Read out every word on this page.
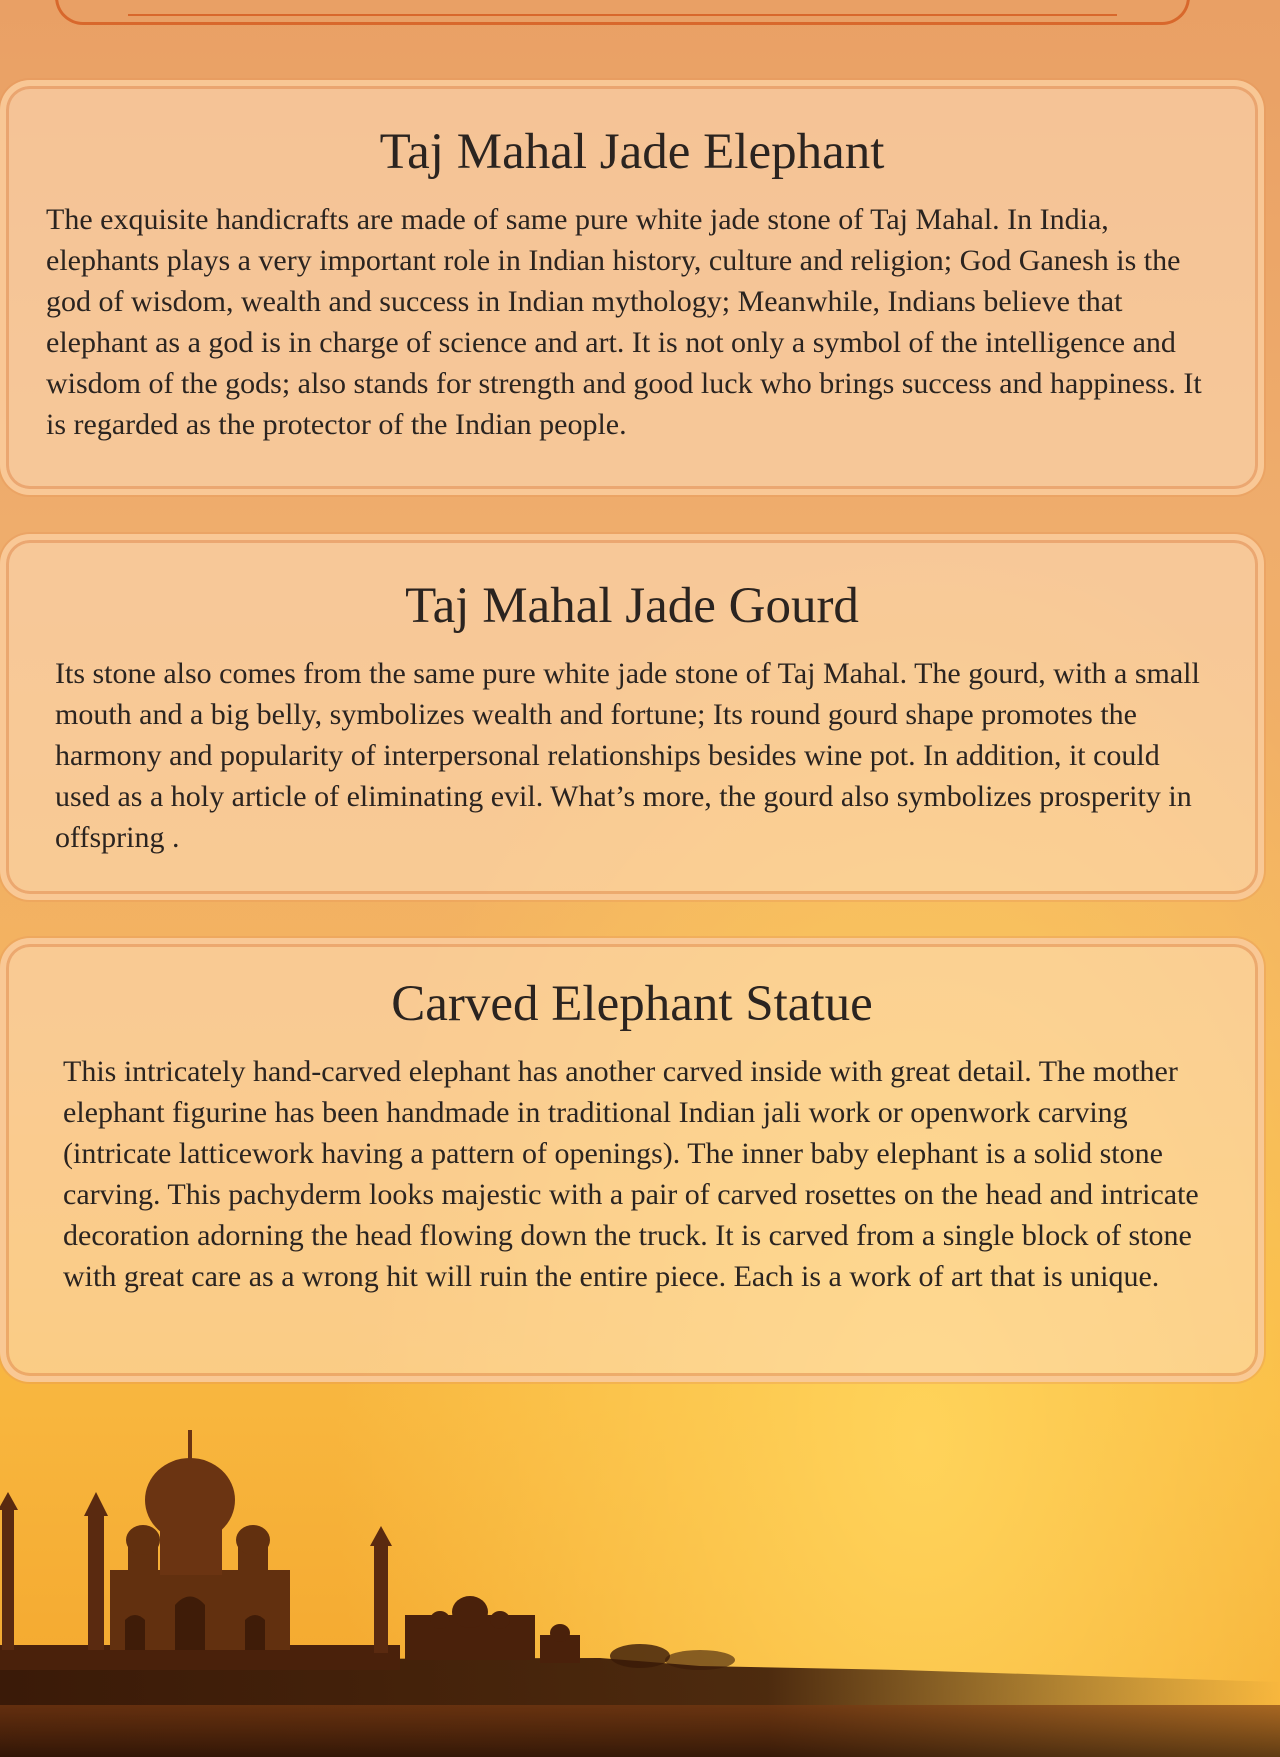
Taj Mahal Jade Elephant

The exquisite handicrafts are made of same pure white jade stone of Taj Mahal. In India, elephants plays a very important role in Indian history, culture and religion; God Ganesh is the god of wisdom, wealth and success in Indian mythology; Meanwhile, Indians believe that elephant as a god is in charge of science and art. It is not only a symbol of the intelligence and wisdom of the gods; also stands for strength and good luck who brings success and happiness. It is regarded as the protector of the Indian people.

Taj Mahal Jade Gourd

Its stone also comes from the same pure white jade stone of Taj Mahal. The gourd, with a small mouth and a big belly, symbolizes wealth and fortune; Its round gourd shape promotes the harmony and popularity of interpersonal relationships besides wine pot. In addition, it could used as a holy article of eliminating evil. What’s more, the gourd also symbolizes prosperity in offspring .

Carved Elephant Statue

This intricately hand-carved elephant has another carved inside with great detail. The mother elephant figurine has been handmade in traditional Indian jali work or openwork carving (intricate latticework having a pattern of openings). The inner baby elephant is a solid stone carving. This pachyderm looks majestic with a pair of carved rosettes on the head and intricate decoration adorning the head flowing down the truck. It is carved from a single block of stone with great care as a wrong hit will ruin the entire piece. Each is a work of art that is unique.
